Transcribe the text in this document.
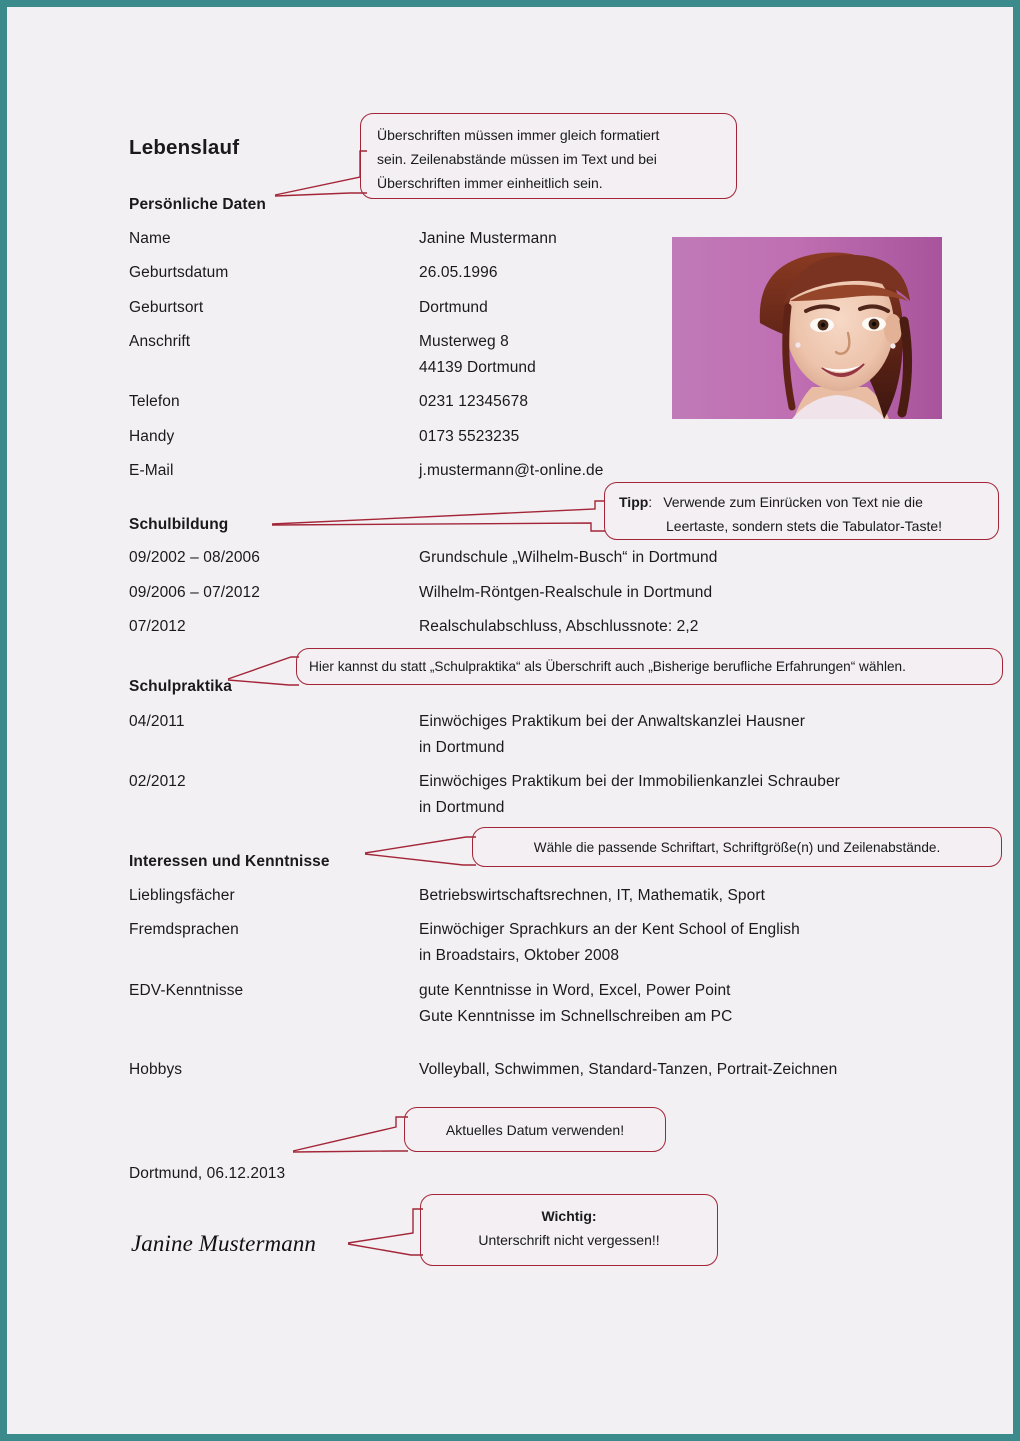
Lebenslauf
Persönliche Daten
Name	Janine Mustermann
Geburtsdatum	26.05.1996
Geburtsort	Dortmund
Anschrift	Musterweg 8
44139 Dortmund
Telefon	0231 12345678
Handy	0173 5523235
E-Mail	j.mustermann@t-online.de
Überschriften müssen immer gleich formatiert
sein. Zeilenabstände müssen im Text und bei
Überschriften immer einheitlich sein.
Schulbildung
09/2002 – 08/2006	Grundschule „Wilhelm-Busch“ in Dortmund
09/2006 – 07/2012	Wilhelm-Röntgen-Realschule in Dortmund
07/2012	Realschulabschluss, Abschlussnote: 2,2
Tipp: Verwende zum Einrücken von Text nie die
Leertaste, sondern stets die Tabulator-Taste!
Schulpraktika
04/2011	Einwöchiges Praktikum bei der Anwaltskanzlei Hausner
in Dortmund
02/2012	Einwöchiges Praktikum bei der Immobilienkanzlei Schrauber
in Dortmund
Hier kannst du statt „Schulpraktika“ als Überschrift auch „Bisherige berufliche Erfahrungen“ wählen.
Interessen und Kenntnisse
Lieblingsfächer	Betriebswirtschaftsrechnen, IT, Mathematik, Sport
Fremdsprachen	Einwöchiger Sprachkurs an der Kent School of English
in Broadstairs, Oktober 2008
EDV-Kenntnisse	gute Kenntnisse in Word, Excel, Power Point
Gute Kenntnisse im Schnellschreiben am PC
Hobbys	Volleyball, Schwimmen, Standard-Tanzen, Portrait-Zeichnen
Wähle die passende Schriftart, Schriftgröße(n) und Zeilenabstände.
Dortmund, 06.12.2013
Aktuelles Datum verwenden!
Janine Mustermann
Wichtig:
Unterschrift nicht vergessen!!
